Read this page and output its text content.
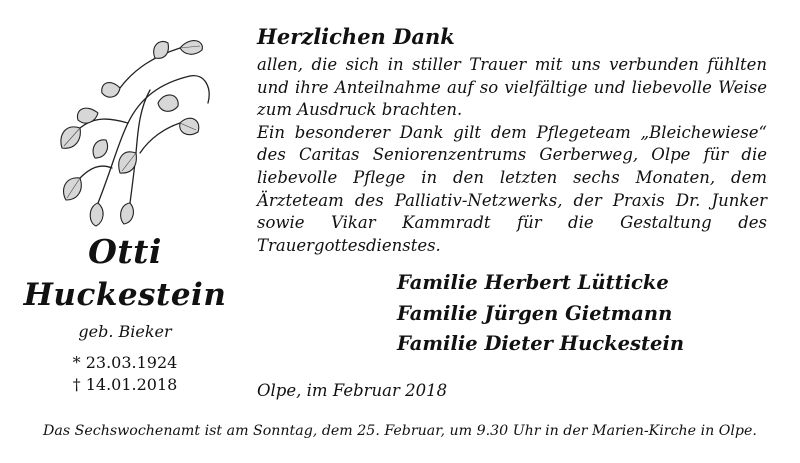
Otti
Huckestein
geb. Bieker
* 23.03.1924
† 14.01.2018
Herzlichen Dank

allen, die sich in stiller Trauer mit uns verbunden fühlten und ihre Anteilnahme auf so vielfältige und liebevolle Weise zum Ausdruck brachten.

Ein besonderer Dank gilt dem Pflegeteam „Bleichewiese“ des Caritas Seniorenzentrums Gerberweg, Olpe für die liebevolle Pflege in den letzten sechs Monaten, dem Ärzteteam des Palliativ-Netzwerks, der Praxis Dr. Junker sowie Vikar Kammradt für die Gestaltung des Trauergottesdienstes.

Familie Herbert Lütticke
Familie Jürgen Gietmann
Familie Dieter Huckestein
Olpe, im Februar 2018
Das Sechswochenamt ist am Sonntag, dem 25. Februar, um 9.30 Uhr in der Marien-Kirche in Olpe.
